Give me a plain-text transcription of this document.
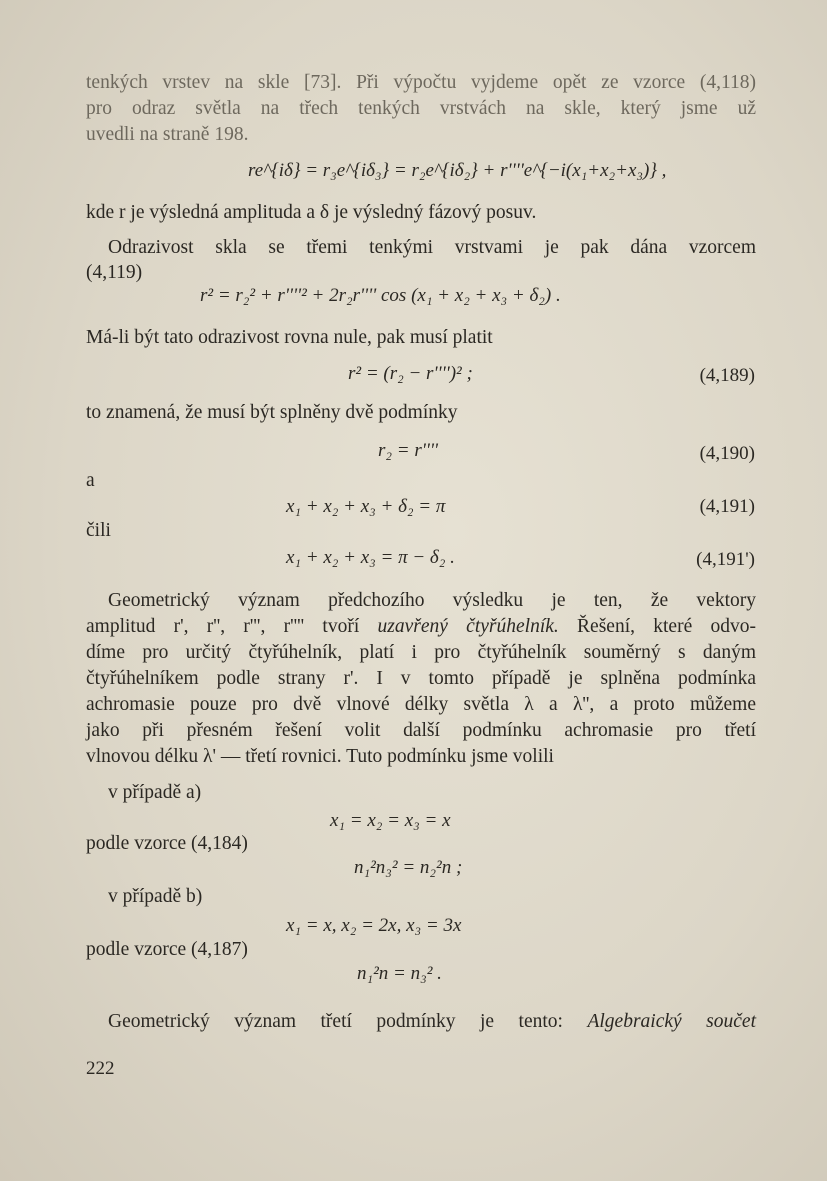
tenkých vrstev na skle [73]. Při výpočtu vyjdeme opět ze vzorce (4,118)
pro odraz světla na třech tenkých vrstvách na skle, který jsme už
uvedli na straně 198.
re^{iδ} = r₃e^{iδ₃} = r₂e^{iδ₂} + r''''e^{−i(x₁+x₂+x₃)} ,
kde r je výsledná amplituda a δ je výsledný fázový posuv.
Odrazivost skla se třemi tenkými vrstvami je pak dána vzorcem
(4,119)
r² = r₂² + r''''² + 2r₂r'''' cos (x₁ + x₂ + x₃ + δ₂) .
Má-li být tato odrazivost rovna nule, pak musí platit
r² = (r₂ − r'''')² ;	(4,189)
to znamená, že musí být splněny dvě podmínky
r₂ = r''''	(4,190)
a
x₁ + x₂ + x₃ + δ₂ = π	(4,191)
čili
x₁ + x₂ + x₃ = π − δ₂ .	(4,191')
Geometrický význam předchozího výsledku je ten, že vektory
amplitud r', r'', r''', r'''' tvoří uzavřený čtyřúhelník. Řešení, které odvo-
díme pro určitý čtyřúhelník, platí i pro čtyřúhelník souměrný s daným
čtyřúhelníkem podle strany r'. I v tomto případě je splněna podmínka
achromasie pouze pro dvě vlnové délky světla λ a λ'', a proto můžeme
jako při přesném řešení volit další podmínku achromasie pro třetí
vlnovou délku λ' — třetí rovnici. Tuto podmínku jsme volili
v případě a)
x₁ = x₂ = x₃ = x
podle vzorce (4,184)
n₁²n₃² = n₂²n ;
v případě b)
x₁ = x, x₂ = 2x, x₃ = 3x
podle vzorce (4,187)
n₁²n = n₃² .
Geometrický význam třetí podmínky je tento: Algebraický součet
222
